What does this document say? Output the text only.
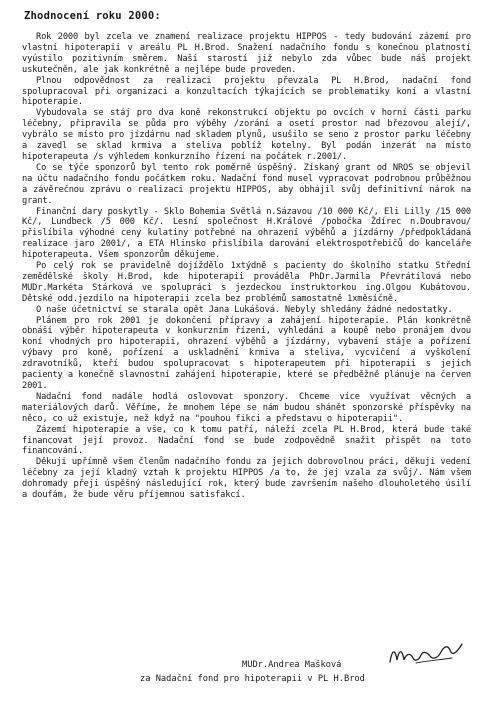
Zhodnocení roku 2000:

Rok 2000 byl zcela ve znamení realizace projektu HIPPOS - tedy budování zázemí pro vlastní hipoterapii v areálu PL H.Brod. Snažení nadačního fondu s konečnou platností vyústilo pozitivním směrem. Naší starostí již nebylo zda vůbec bude náš projekt uskutečněn, ale jak konkrétně a nejlépe bude proveden.

Plnou odpovědnost za realizaci projektu převzala PL H.Brod, nadační fond spolupracoval při organizaci a konzultacích týkajících se problematiky koní a vlastní hipoterapie.

Vybudovala se stáj pro dva koně rekonstrukcí objektu po ovcích v horní části parku léčebny, připravila se půda pro výběhy /zorání a osetí prostor nad březovou alejí/, vybrálo se místo pro jízdárnu nad skladem plynů, usušilo se seno z prostor parku léčebny a zavedl se sklad krmiva a steliva poblíž kotelny. Byl podán inzerát na místo hipoterapeuta /s výhledem konkurzního řízení na počátek r.2001/.

Co se týče sponzorů byl tento rok poměrně úspěšný. Získaný grant od NROS se objevil na účtu nadačního fondu počátkem roku. Nadační fond musel vypracovat podrobnou průběžnou a závěrečnou zprávu o realizaci projektu HIPPOS, aby obhájil svůj definitivní nárok na grant.

Finanční dary poskytly - Sklo Bohemia Světlá n.Sázavou /10 000 Kč/, Eli Lilly /15 000 Kč/, Lundbeck /5 000 Kč/. Lesní společnost H.Králové /pobočka Ždírec n.Doubravou/ přislíbila výhodné ceny kulatiny potřebné na ohrazení výběhů a jízdárny /předpokládaná realizace jaro 2001/, a ETA Hlinsko přislíbila darování elektrospotřebičů do kanceláře hipoterapeuta. Všem sponzorům děkujeme.

Po celý rok se pravidelně dojíždělo 1xtýdně s pacienty do školního statku Střední zemědělské školy H.Brod, kde hipoterapii prováděla PhDr.Jarmila Převrátilová nebo MUDr.Markéta Stárková ve spolupráci s jezdeckou instruktorkou ing.Olgou Kubátovou. Dětské odd.jezdilo na hipoterapii zcela bez problémů samostatně 1xměsíčně.

O naše účetnictví se starala opět Jana Lukášová. Nebyly shledány žádné nedostatky.

Plánem pro rok 2001 je dokončení přípravy a zahájení hipoterapie. Plán konkrétně obnáší výběr hipoterapeuta v konkurzním řízení, vyhledání a koupě nebo pronájem dvou koní vhodných pro hipoterapii, ohrazení výběhů a jízdárny, vybavení stáje a pořízení výbavy pro koně, pořízení a uskladnění krmiva a steliva, vycvičení a vyškolení zdravotníků, kteří budou spolupracovat s hipoterapeutem při hipoterapii s jejich pacienty a konečně slavnostní zahájení hipoterapie, které se předběžně plánuje na červen 2001.

Nadační fond nadále hodlá oslovovat sponzory. Chceme více využívat věcných a materiálových darů. Věříme, že mnohem lépe se nám budou shánět sponzorské příspěvky na něco, co už existuje, než když na "pouhou fikci a představu o hipoterapii".

Zázemí hipoterapie a vše, co k tomu patří, náleží zcela PL H.Brod, která bude také financovat její provoz. Nadační fond se bude zodpovědně snažit přispět na toto financování.

Děkuji upřímně všem členům nadačního fondu za jejich dobrovolnou práci, děkuji vedení léčebny za její kladný vztah k projektu HIPPOS /a to, že jej vzala za svůj/. Nám všem dohromady přeji úspěšný následující rok, který bude završením našeho dlouholetého úsilí a doufám, že bude věru příjemnou satisfakcí.

MUDr.Andrea Mašková
za Nadační fond pro hipoterapii v PL H.Brod
